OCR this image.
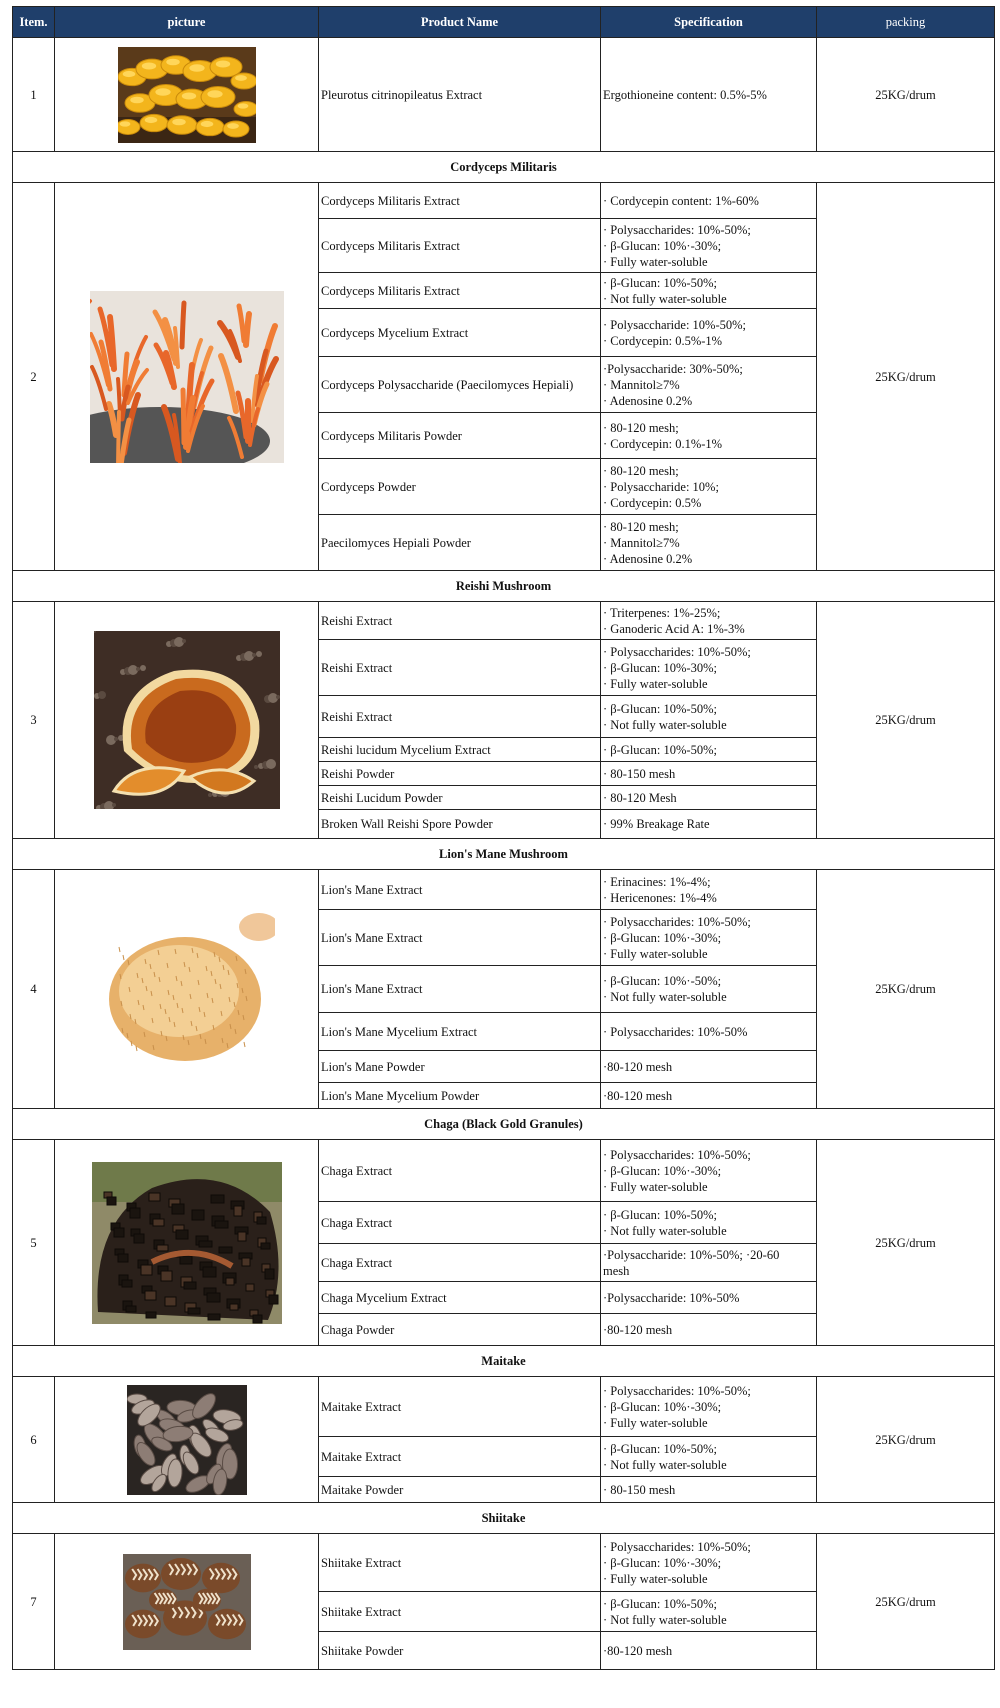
Item.	picture	Product Name	Specification	packing
1		Pleurotus citrinopileatus Extract	Ergothioneine content: 0.5%-5%	25KG/drum
Cordyceps Militaris				
2		Cordyceps Militaris Extract	· Cordycepin content: 1%-60%	25KG/drum
		Cordyceps Militaris Extract	· Polysaccharides: 10%-50%;
· β-Glucan: 10%·-30%;
· Fully water-soluble	

		Cordyceps Militaris Extract	· β-Glucan: 10%-50%;
· Not fully water-soluble	

		Cordyceps Mycelium Extract	· Polysaccharide: 10%-50%;
· Cordycepin: 0.5%-1%	

		Cordyceps Polysaccharide (Paecilomyces Hepiali)	·Polysaccharide: 30%-50%;
· Mannitol≥7%
· Adenosine 0.2%	

		Cordyceps Militaris Powder	· 80-120 mesh;
· Cordycepin: 0.1%-1%	

		Cordyceps Powder	· 80-120 mesh;
· Polysaccharide: 10%;
· Cordycepin: 0.5%	

		Paecilomyces Hepiali Powder	· 80-120 mesh;
· Mannitol≥7%
· Adenosine 0.2%	

Reishi Mushroom				
3		Reishi Extract	· Triterpenes: 1%-25%;
· Ganoderic Acid A: 1%-3%	25KG/drum
		Reishi Extract	· Polysaccharides: 10%-50%;
· β-Glucan: 10%-30%;
· Fully water-soluble	

		Reishi Extract	· β-Glucan: 10%-50%;
· Not fully water-soluble	

		Reishi lucidum Mycelium Extract	· β-Glucan: 10%-50%;	

		Reishi Powder	· 80-150 mesh	

		Reishi Lucidum Powder	· 80-120 Mesh	

		Broken Wall Reishi Spore Powder	· 99% Breakage Rate	

Lion's Mane Mushroom				
4		Lion's Mane Extract	· Erinacines: 1%-4%;
· Hericenones: 1%-4%	25KG/drum
		Lion's Mane Extract	· Polysaccharides: 10%-50%;
· β-Glucan: 10%·-30%;
· Fully water-soluble	

		Lion's Mane Extract	· β-Glucan: 10%·-50%;
· Not fully water-soluble	

		Lion's Mane Mycelium Extract	· Polysaccharides: 10%-50%	

		Lion's Mane Powder	·80-120 mesh	

		Lion's Mane Mycelium Powder	·80-120 mesh	

Chaga (Black Gold Granules)				
5		Chaga Extract	· Polysaccharides: 10%-50%;
· β-Glucan: 10%·-30%;
· Fully water-soluble	25KG/drum
		Chaga Extract	· β-Glucan: 10%-50%;
· Not fully water-soluble	

		Chaga Extract	·Polysaccharide: 10%-50%; ·20-60
mesh	

		Chaga Mycelium Extract	·Polysaccharide: 10%-50%	

		Chaga Powder	·80-120 mesh	

Maitake				
6		Maitake Extract	· Polysaccharides: 10%-50%;
· β-Glucan: 10%·-30%;
· Fully water-soluble	25KG/drum
		Maitake Extract	· β-Glucan: 10%-50%;
· Not fully water-soluble	

		Maitake Powder	· 80-150 mesh	

Shiitake				
7		Shiitake Extract	· Polysaccharides: 10%-50%;
· β-Glucan: 10%·-30%;
· Fully water-soluble	25KG/drum
		Shiitake Extract	· β-Glucan: 10%-50%;
· Not fully water-soluble	

		Shiitake Powder	·80-120 mesh	
